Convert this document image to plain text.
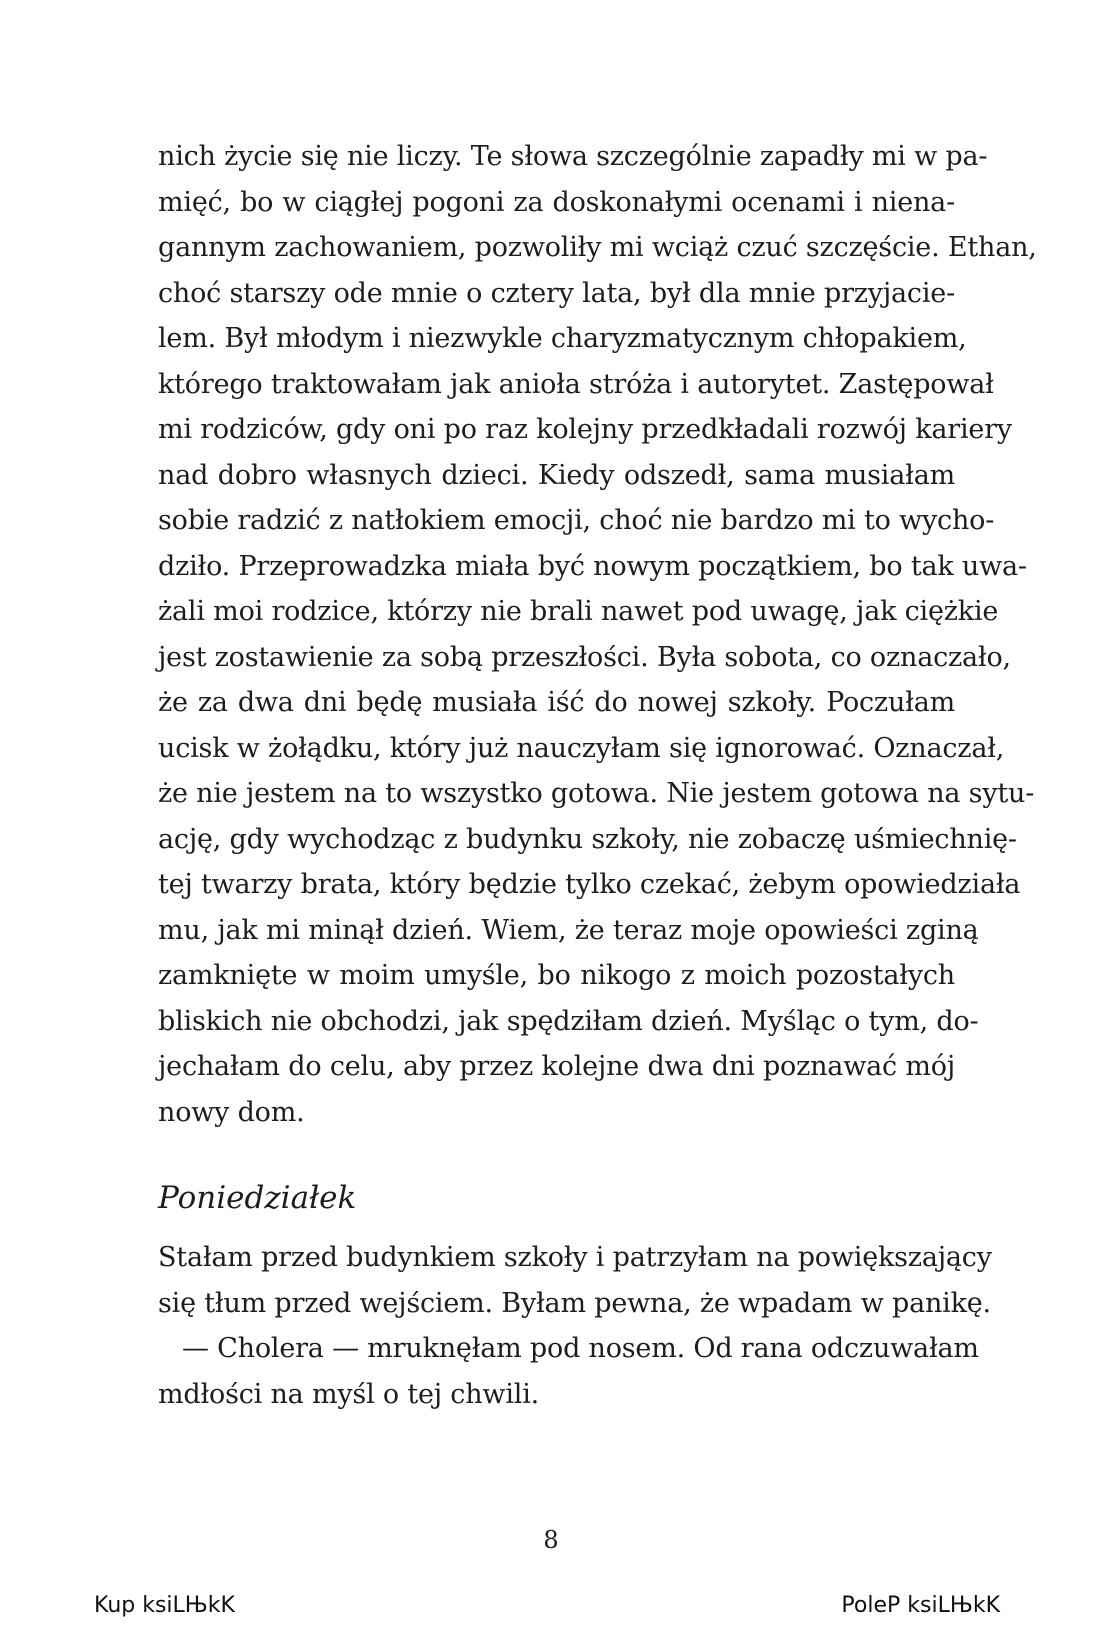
nich życie się nie liczy. Te słowa szczególnie zapadły mi w pa-
mięć, bo w ciągłej pogoni za doskonałymi ocenami i niena-
gannym zachowaniem, pozwoliły mi wciąż czuć szczęście. Ethan,
choć starszy ode mnie o cztery lata, był dla mnie przyjacie-
lem. Był młodym i niezwykle charyzmatycznym chłopakiem,
którego traktowałam jak anioła stróża i autorytet. Zastępował
mi rodziców, gdy oni po raz kolejny przedkładali rozwój kariery
nad dobro własnych dzieci. Kiedy odszedł, sama musiałam
sobie radzić z natłokiem emocji, choć nie bardzo mi to wycho-
dziło. Przeprowadzka miała być nowym początkiem, bo tak uwa-
żali moi rodzice, którzy nie brali nawet pod uwagę, jak ciężkie
jest zostawienie za sobą przeszłości. Była sobota, co oznaczało,
że za dwa dni będę musiała iść do nowej szkoły. Poczułam
ucisk w żołądku, który już nauczyłam się ignorować. Oznaczał,
że nie jestem na to wszystko gotowa. Nie jestem gotowa na sytu-
ację, gdy wychodząc z budynku szkoły, nie zobaczę uśmiechnię-
tej twarzy brata, który będzie tylko czekać, żebym opowiedziała
mu, jak mi minął dzień. Wiem, że teraz moje opowieści zginą
zamknięte w moim umyśle, bo nikogo z moich pozostałych
bliskich nie obchodzi, jak spędziłam dzień. Myśląc o tym, do-
jechałam do celu, aby przez kolejne dwa dni poznawać mój
nowy dom.
Poniedziałek
Stałam przed budynkiem szkoły i patrzyłam na powiększający
się tłum przed wejściem. Byłam pewna, że wpadam w panikę.
— Cholera — mruknęłam pod nosem. Od rana odczuwałam
mdłości na myśl o tej chwili.
8
Kup ksiLЊkK	PoleP ksiLЊkK
